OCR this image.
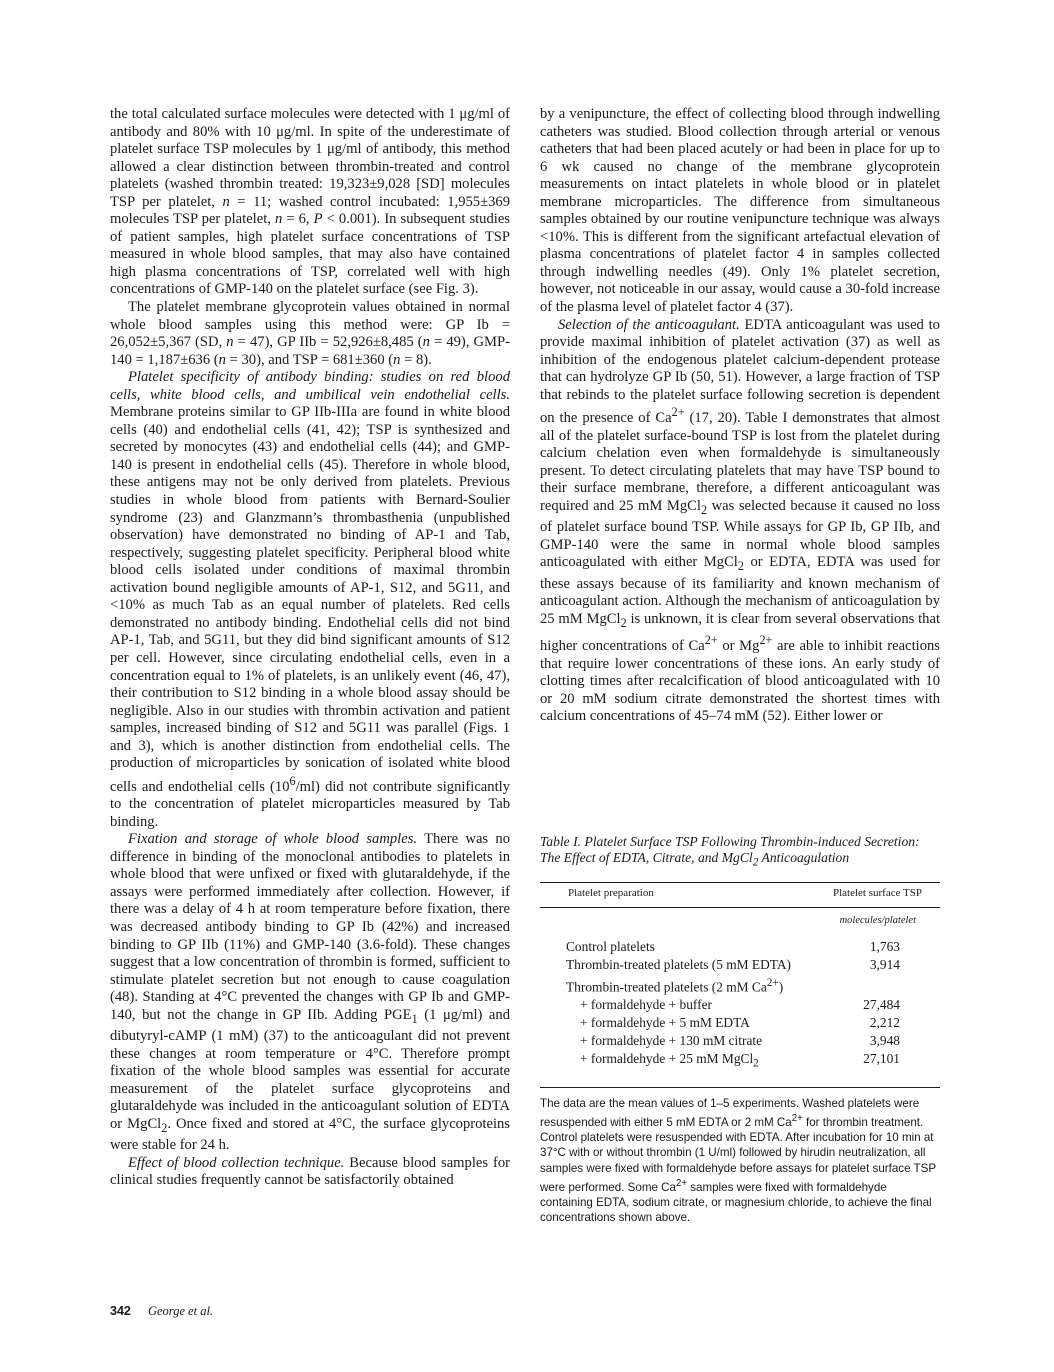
the total calculated surface molecules were detected with 1 μg/ml of antibody and 80% with 10 μg/ml. In spite of the underestimate of platelet surface TSP molecules by 1 μg/ml of antibody, this method allowed a clear distinction between thrombin-treated and control platelets (washed thrombin treated: 19,323±9,028 [SD] molecules TSP per platelet, n = 11; washed control incubated: 1,955±369 molecules TSP per platelet, n = 6, P < 0.001). In subsequent studies of patient samples, high platelet surface concentrations of TSP measured in whole blood samples, that may also have contained high plasma concentrations of TSP, correlated well with high concentrations of GMP-140 on the platelet surface (see Fig. 3).

The platelet membrane glycoprotein values obtained in normal whole blood samples using this method were: GP Ib = 26,052±5,367 (SD, n = 47), GP IIb = 52,926±8,485 (n = 49), GMP-140 = 1,187±636 (n = 30), and TSP = 681±360 (n = 8).

Platelet specificity of antibody binding: studies on red blood cells, white blood cells, and umbilical vein endothelial cells. Membrane proteins similar to GP IIb-IIIa are found in white blood cells (40) and endothelial cells (41, 42); TSP is synthesized and secreted by monocytes (43) and endothelial cells (44); and GMP-140 is present in endothelial cells (45). Therefore in whole blood, these antigens may not be only derived from platelets. Previous studies in whole blood from patients with Bernard-Soulier syndrome (23) and Glanzmann’s thrombasthenia (unpublished observation) have demonstrated no binding of AP-1 and Tab, respectively, suggesting platelet specificity. Peripheral blood white blood cells isolated under conditions of maximal thrombin activation bound negligible amounts of AP-1, S12, and 5G11, and <10% as much Tab as an equal number of platelets. Red cells demonstrated no antibody binding. Endothelial cells did not bind AP-1, Tab, and 5G11, but they did bind significant amounts of S12 per cell. However, since circulating endothelial cells, even in a concentration equal to 1% of platelets, is an unlikely event (46, 47), their contribution to S12 binding in a whole blood assay should be negligible. Also in our studies with thrombin activation and patient samples, increased binding of S12 and 5G11 was parallel (Figs. 1 and 3), which is another distinction from endothelial cells. The production of microparticles by sonication of isolated white blood cells and endothelial cells $(10^6/ml)$ did not contribute significantly to the concentration of platelet microparticles measured by Tab binding.

Fixation and storage of whole blood samples. There was no difference in binding of the monoclonal antibodies to platelets in whole blood that were unfixed or fixed with glutaraldehyde, if the assays were performed immediately after collection. However, if there was a delay of 4 h at room temperature before fixation, there was decreased antibody binding to GP Ib (42%) and increased binding to GP IIb (11%) and GMP-140 (3.6-fold). These changes suggest that a low concentration of thrombin is formed, sufficient to stimulate platelet secretion but not enough to cause coagulation (48). Standing at 4°C prevented the changes with GP Ib and GMP-140, but not the change in GP IIb. Adding $PGE_1$ (1 μg/ml) and dibutyryl-cAMP (1 mM) (37) to the anticoagulant did not prevent these changes at room temperature or 4°C. Therefore prompt fixation of the whole blood samples was essential for accurate measurement of the platelet surface glycoproteins and glutaraldehyde was included in the anticoagulant solution of EDTA or MgCl$_2$. Once fixed and stored at 4°C, the surface glycoproteins were stable for 24 h.

Effect of blood collection technique. Because blood samples for clinical studies frequently cannot be satisfactorily obtained

by a venipuncture, the effect of collecting blood through indwelling catheters was studied. Blood collection through arterial or venous catheters that had been placed acutely or had been in place for up to 6 wk caused no change of the membrane glycoprotein measurements on intact platelets in whole blood or in platelet membrane microparticles. The difference from simultaneous samples obtained by our routine venipuncture technique was always <10%. This is different from the significant artefactual elevation of plasma concentrations of platelet factor 4 in samples collected through indwelling needles (49). Only 1% platelet secretion, however, not noticeable in our assay, would cause a 30-fold increase of the plasma level of platelet factor 4 (37).

Selection of the anticoagulant. EDTA anticoagulant was used to provide maximal inhibition of platelet activation (37) as well as inhibition of the endogenous platelet calcium-dependent protease that can hydrolyze GP Ib (50, 51). However, a large fraction of TSP that rebinds to the platelet surface following secretion is dependent on the presence of $Ca^{2+}$ (17, 20). Table I demonstrates that almost all of the platelet surface-bound TSP is lost from the platelet during calcium chelation even when formaldehyde is simultaneously present. To detect circulating platelets that may have TSP bound to their surface membrane, therefore, a different anticoagulant was required and 25 mM MgCl$_2$ was selected because it caused no loss of platelet surface bound TSP. While assays for GP Ib, GP IIb, and GMP-140 were the same in normal whole blood samples anticoagulated with either MgCl$_2$ or EDTA, EDTA was used for these assays because of its familiarity and known mechanism of anticoagulant action. Although the mechanism of anticoagulation by 25 mM MgCl$_2$ is unknown, it is clear from several observations that higher concentrations of $Ca^{2+}$ or $Mg^{2+}$ are able to inhibit reactions that require lower concentrations of these ions. An early study of clotting times after recalcification of blood anticoagulated with 10 or 20 mM sodium citrate demonstrated the shortest times with calcium concentrations of 45–74 mM (52). Either lower or

Table I. Platelet Surface TSP Following Thrombin-induced Secretion: The Effect of EDTA, Citrate, and MgCl$_2$ Anticoagulation
Platelet preparation	Platelet surface TSP
	molecules/platelet
Control platelets	1,763
Thrombin-treated platelets (5 mM EDTA)	3,914
Thrombin-treated platelets (2 mM $Ca^{2+}$)	
+ formaldehyde + buffer	27,484
+ formaldehyde + 5 mM EDTA	2,212
+ formaldehyde + 130 mM citrate	3,948
+ formaldehyde + 25 mM MgCl$_2$	27,101
The data are the mean values of 1–5 experiments. Washed platelets were resuspended with either 5 mM EDTA or 2 mM $Ca^{2+}$ for thrombin treatment. Control platelets were resuspended with EDTA. After incubation for 10 min at 37°C with or without thrombin (1 U/ml) followed by hirudin neutralization, all samples were fixed with formaldehyde before assays for platelet surface TSP were performed. Some $Ca^{2+}$ samples were fixed with formaldehyde containing EDTA, sodium citrate, or magnesium chloride, to achieve the final concentrations shown above.
342 George et al.
